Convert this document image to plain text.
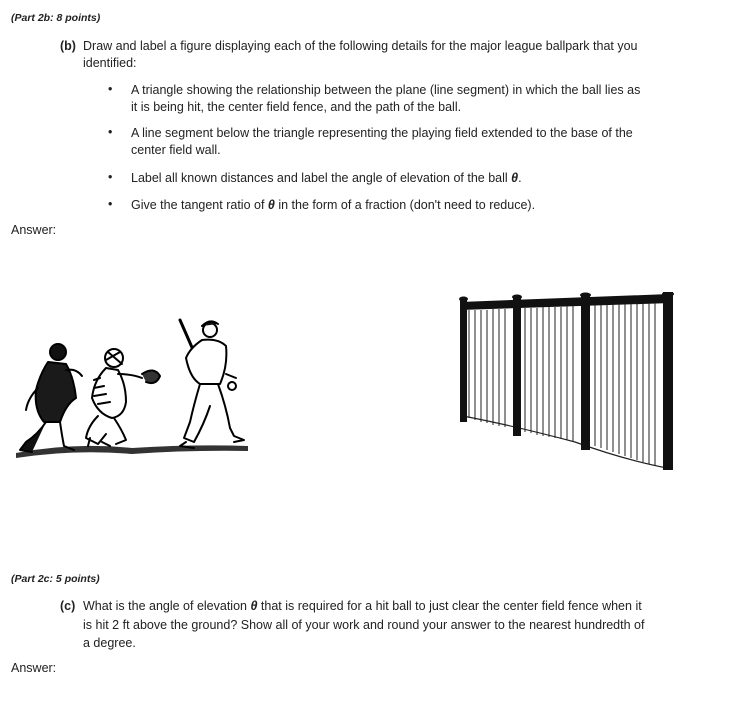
(Part 2b: 8 points)
(b) Draw and label a figure displaying each of the following details for the major league ballpark that you
identified:
• A triangle showing the relationship between the plane (line segment) in which the ball lies as
it is being hit, the center field fence, and the path of the ball.
• A line segment below the triangle representing the playing field extended to the base of the
center field wall.
• Label all known distances and label the angle of elevation of the ball θ.
• Give the tangent ratio of θ in the form of a fraction (don't need to reduce).
Answer:
(Part 2c: 5 points)
(c) What is the angle of elevation θ that is required for a hit ball to just clear the center field fence when it
is hit 2 ft above the ground? Show all of your work and round your answer to the nearest hundredth of
a degree.
Answer:
